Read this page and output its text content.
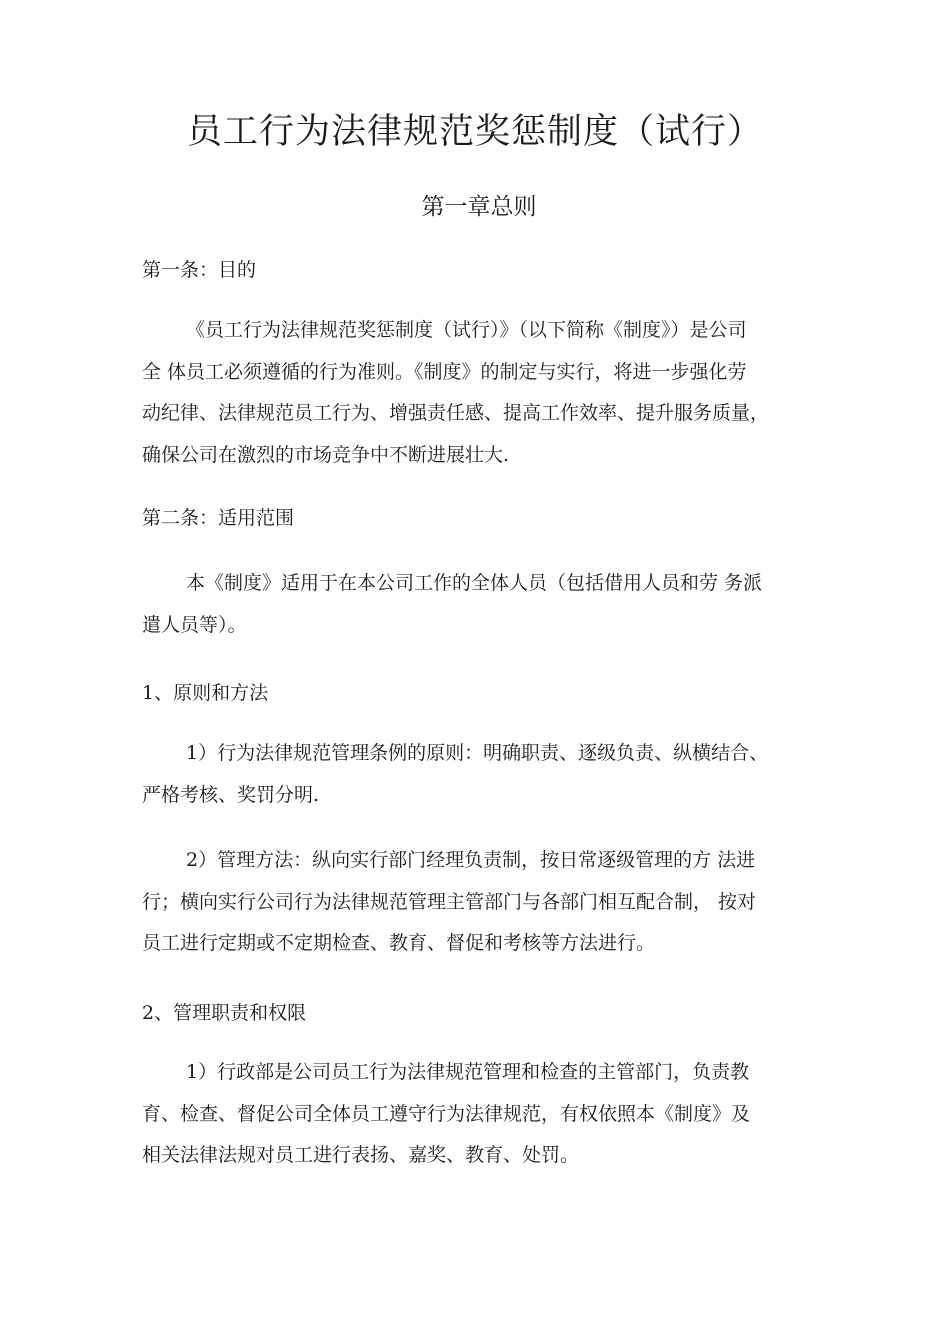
员工行为法律规范奖惩制度（试行）
第一章总则
第一条：目的
《员工行为法律规范奖惩制度（试行）》（以下简称《制度》）是公司
全 体员工必须遵循的行为准则。《制度》的制定与实行，将进一步强化劳
动纪律、法律规范员工行为、增强责任感、提高工作效率、提升服务质量，
确保公司在激烈的市场竞争中不断进展壮大.
第二条：适用范围
本《制度》适用于在本公司工作的全体人员（包括借用人员和劳 务派
遣人员等）。
1、原则和方法
1）行为法律规范管理条例的原则：明确职责、逐级负责、纵横结合、
严格考核、奖罚分明.
2）管理方法：纵向实行部门经理负责制，按日常逐级管理的方 法进
行；横向实行公司行为法律规范管理主管部门与各部门相互配合制， 按对
员工进行定期或不定期检查、教育、督促和考核等方法进行。
2、管理职责和权限
1）行政部是公司员工行为法律规范管理和检查的主管部门，负责教
育、检查、督促公司全体员工遵守行为法律规范，有权依照本《制度》及
相关法律法规对员工进行表扬、嘉奖、教育、处罚。
